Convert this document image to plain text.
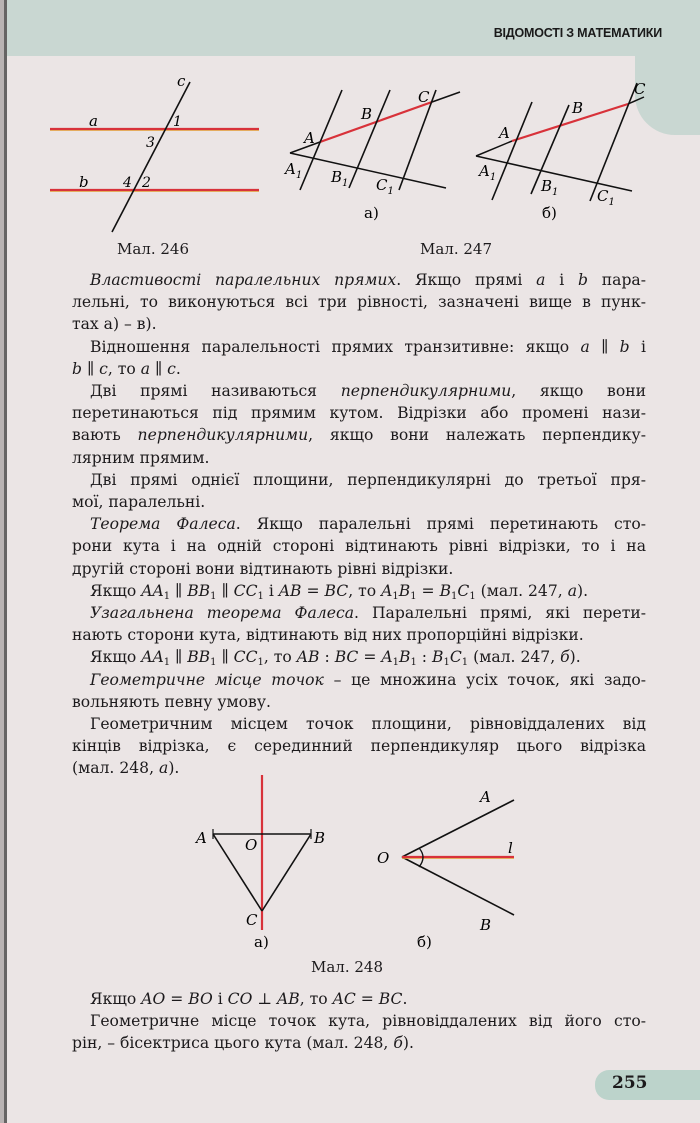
ВІДОМОСТІ З МАТЕМАТИКИ
a
b
c
1
3
4 2
Мал. 246
A
B
C
$A_1$ $B_1$ $C_1$
а)
A
B
C
$A_1$	$B_1$	$C_1$
б)
Мал. 247
Властивості паралельних прямих. Якщо прямі a і b пара-
лельні, то виконуються всі три рівності, зазначені вище в пунк-
тах а) – в).
Відношення паралельності прямих транзитивне: якщо a ∥ b і
b ∥ c, то a ∥ c.
Дві прямі називаються перпендикулярними, якщо вони
перетинаються під прямим кутом. Відрізки або промені нази-
вають перпендикулярними, якщо вони належать перпендику-
лярним прямим.
Дві прямі однієї площини, перпендикулярні до третьої пря-
мої, паралельні.
Теорема Фалеса. Якщо паралельні прямі перетинають сто-
рони кута і на одній стороні відтинають рівні відрізки, то і на
другій стороні вони відтинають рівні відрізки.
Якщо $AA_1$ ∥ $BB_1$ ∥ $CC_1$ і AB = BC, то $A_1B_1 = B_1C_1$ (мал. 247, а).
Узагальнена теорема Фалеса. Паралельні прямі, які перети-
нають сторони кута, відтинають від них пропорційні відрізки.
Якщо $AA_1$ ∥ $BB_1$ ∥ $CC_1$, то AB : BC = $A_1B_1$ : $B_1C_1$ (мал. 247, б).
Геометричне місце точок – це множина усіх точок, які задо-
вольняють певну умову.
Геометричним місцем точок площини, рівновіддалених від
кінців відрізка, є серединний перпендикуляр цього відрізка
(мал. 248, а).
A	B
O
C
а)
A
B
O
l
б)
Мал. 248
Якщо AO = BO і CO ⊥ AB, то AC = BC.
Геометричне місце точок кута, рівновіддалених від його сто-
рін, – бісектриса цього кута (мал. 248, б).
255
